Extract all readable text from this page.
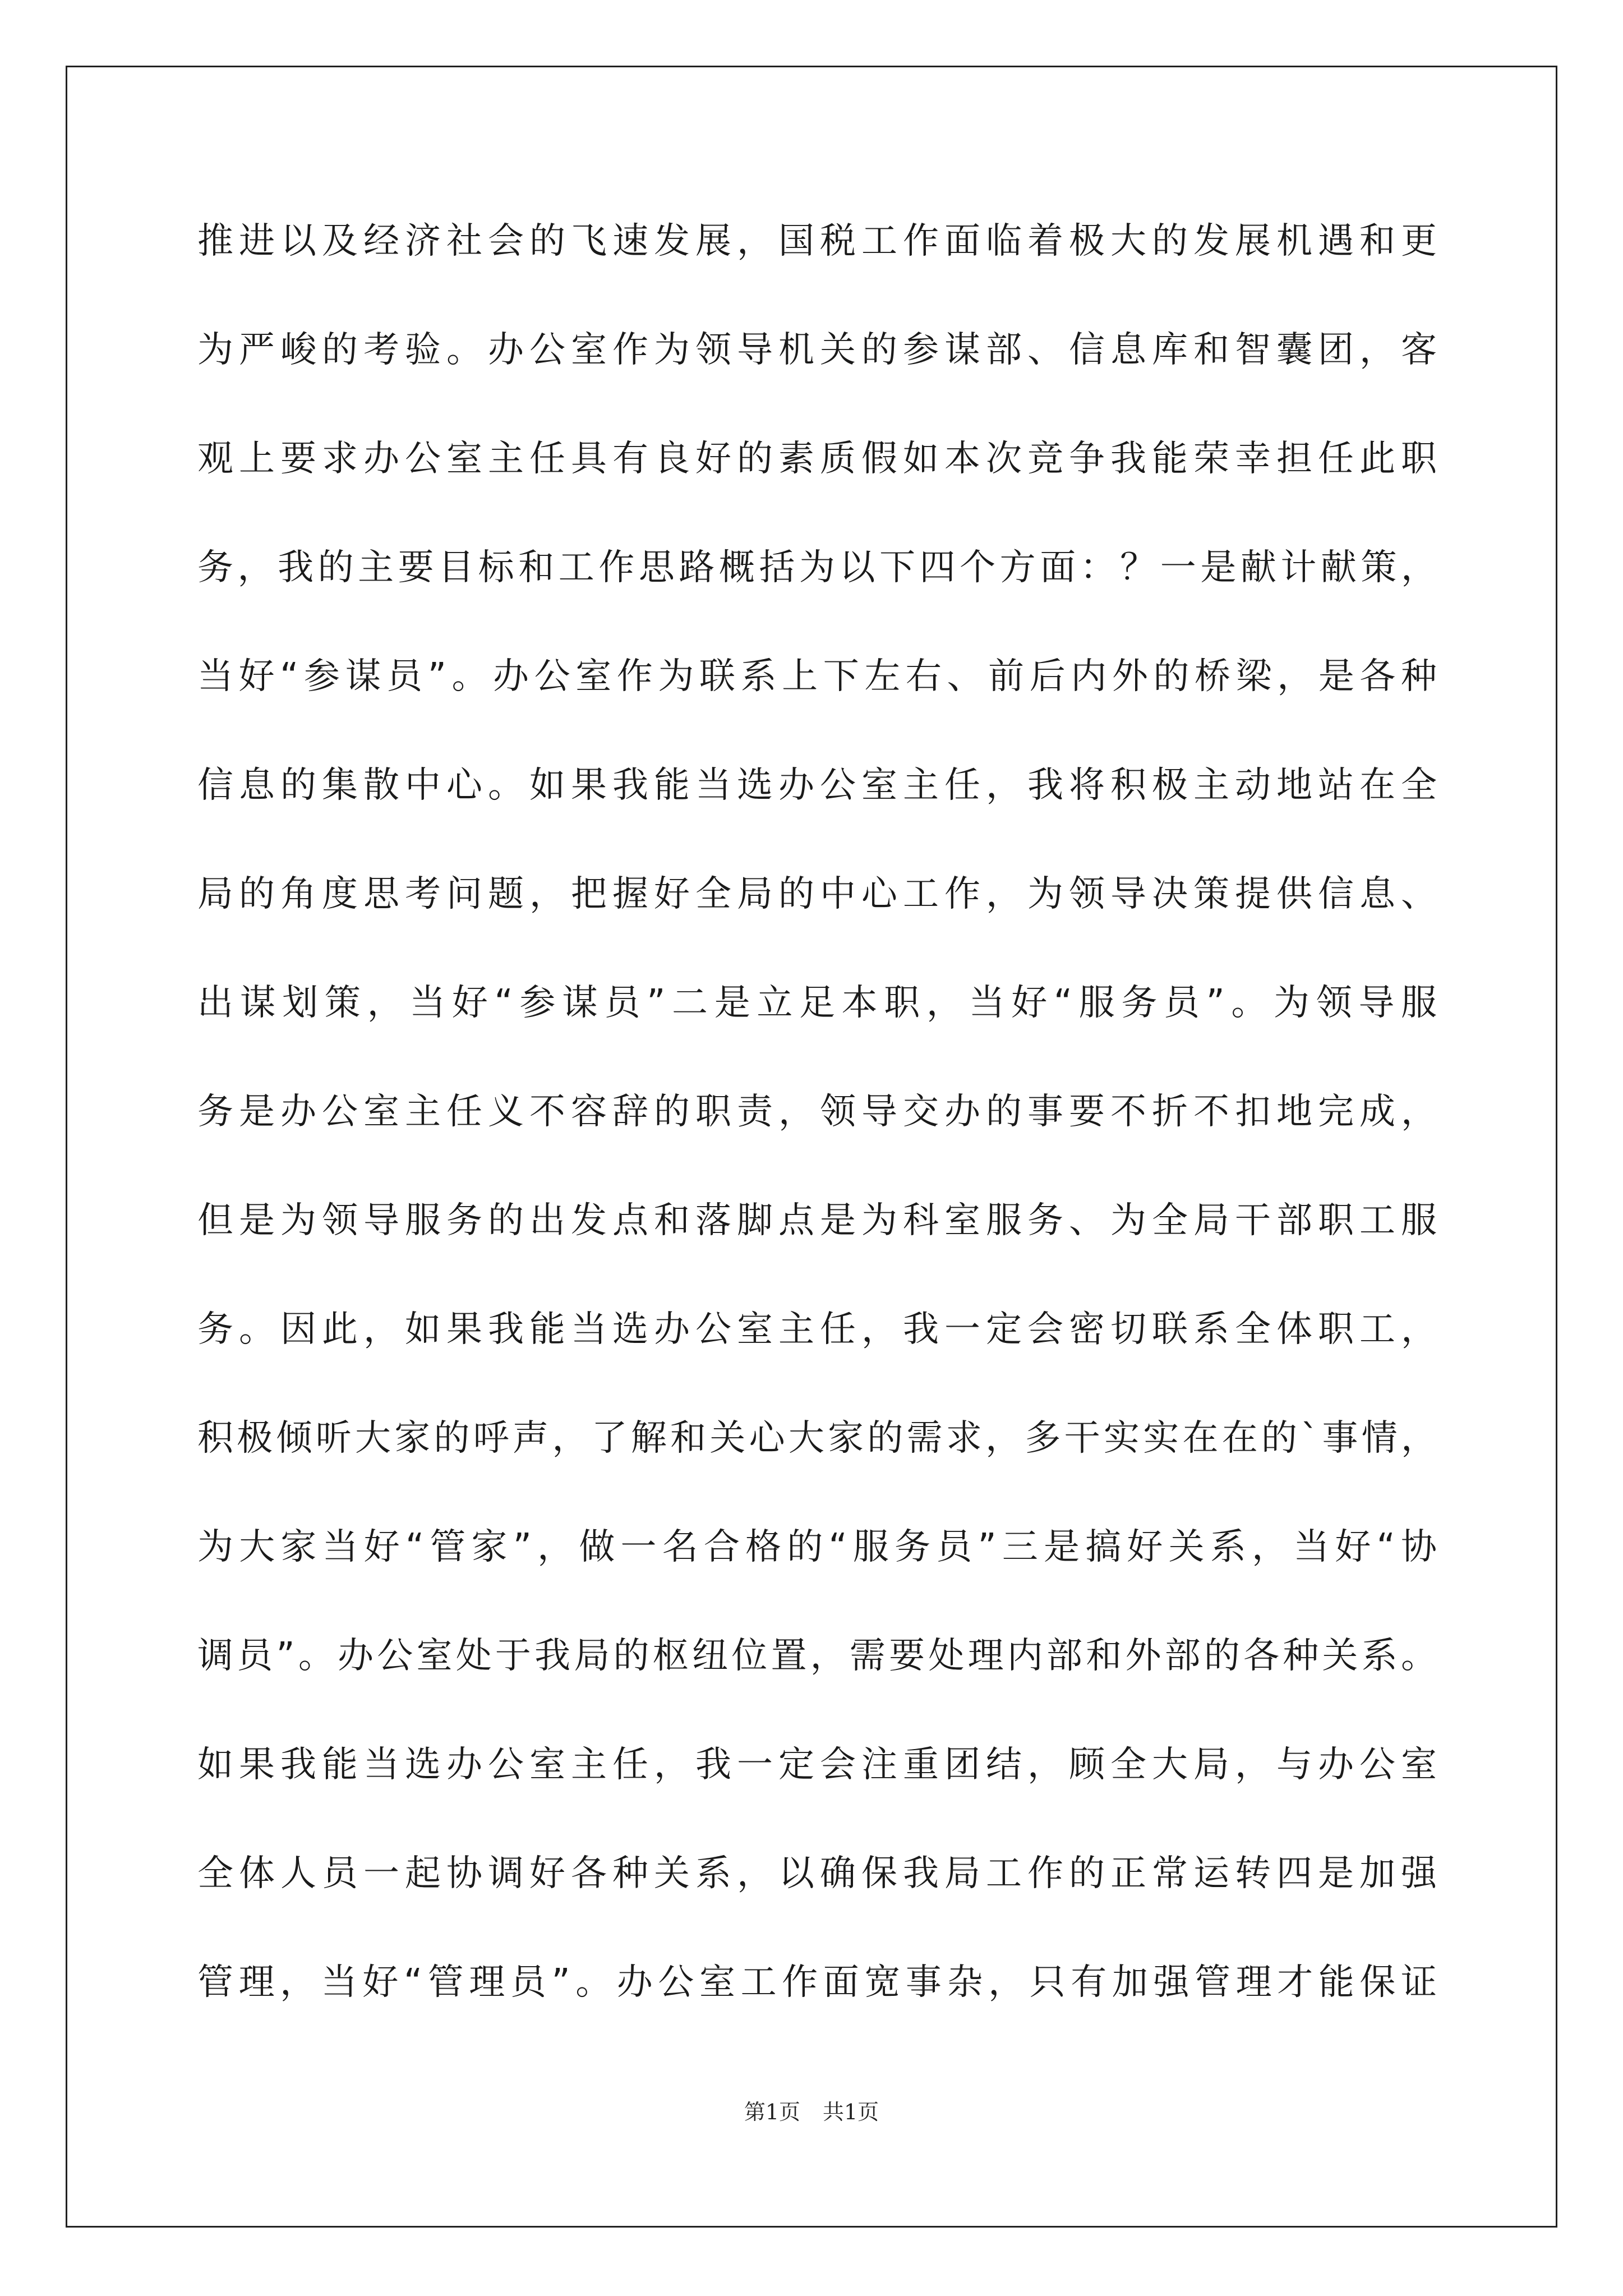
推进以及经济社会的飞速发展，国税工作面临着极大的发展机遇和更
为严峻的考验。办公室作为领导机关的参谋部、信息库和智囊团，客
观上要求办公室主任具有良好的素质假如本次竞争我能荣幸担任此职
务，我的主要目标和工作思路概括为以下四个方面：？一是献计献策，
当好“参谋员”。办公室作为联系上下左右、前后内外的桥梁，是各种
信息的集散中心。如果我能当选办公室主任，我将积极主动地站在全
局的角度思考问题，把握好全局的中心工作，为领导决策提供信息、
出谋划策，当好“参谋员”二是立足本职，当好“服务员”。为领导服
务是办公室主任义不容辞的职责，领导交办的事要不折不扣地完成，
但是为领导服务的出发点和落脚点是为科室服务、为全局干部职工服
务。因此，如果我能当选办公室主任，我一定会密切联系全体职工，
积极倾听大家的呼声，了解和关心大家的需求，多干实实在在的`事情，
为大家当好“管家”，做一名合格的“服务员”三是搞好关系，当好“协
调员”。办公室处于我局的枢纽位置，需要处理内部和外部的各种关系。
如果我能当选办公室主任，我一定会注重团结，顾全大局，与办公室
全体人员一起协调好各种关系，以确保我局工作的正常运转四是加强
管理，当好“管理员”。办公室工作面宽事杂，只有加强管理才能保证
第1页 共1页
